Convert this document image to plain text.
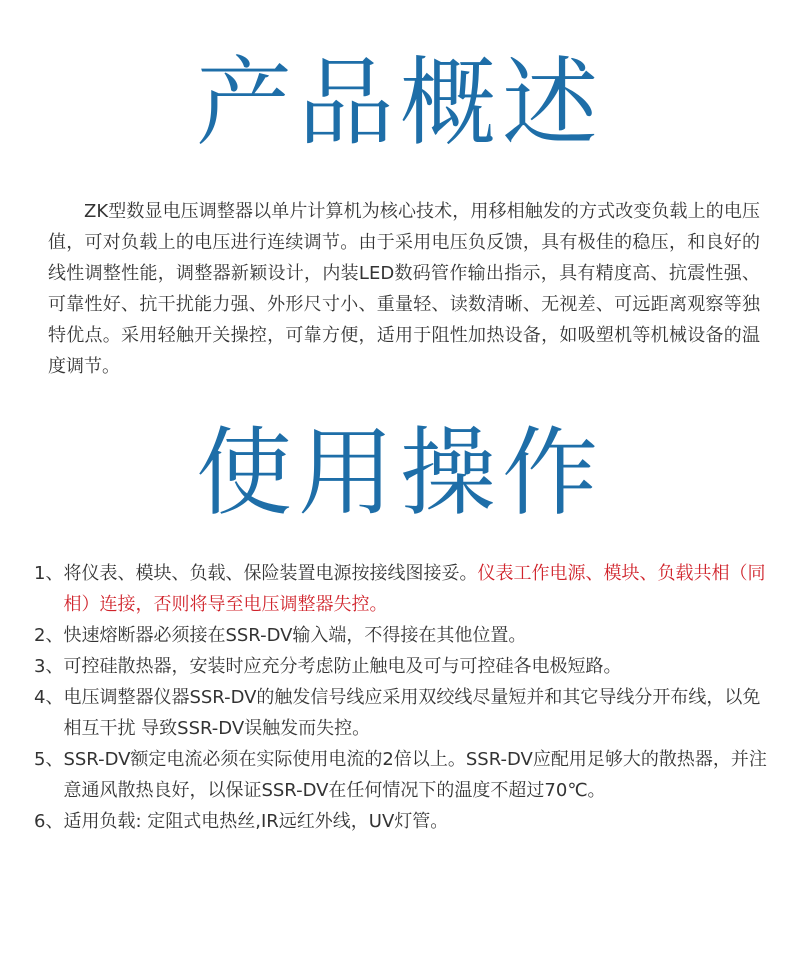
产品概述

ZK型数显电压调整器以单片计算机为核心技术，用移相触发的方式改变负载上的电压值，可对负载上的电压进行连续调节。由于采用电压负反馈，具有极佳的稳压，和良好的线性调整性能，调整器新颖设计，内装LED数码管作输出指示，具有精度高、抗震性强、可靠性好、抗干扰能力强、外形尺寸小、重量轻、读数清晰、无视差、可远距离观察等独特优点。采用轻触开关操控，可靠方便，适用于阻性加热设备，如吸塑机等机械设备的温度调节。

使用操作
1、 将仪表、模块、负载、保险装置电源按接线图接妥。仪表工作电源、模块、负载共相（同相）连接，否则将导至电压调整器失控。
2、 快速熔断器必须接在SSR-DV输入端，不得接在其他位置。
3、 可控硅散热器，安装时应充分考虑防止触电及可与可控硅各电极短路。
4、 电压调整器仪器SSR-DV的触发信号线应采用双绞线尽量短并和其它导线分开布线，以免相互干扰 导致SSR-DV误触发而失控。
5、 SSR-DV额定电流必须在实际使用电流的2倍以上。SSR-DV应配用足够大的散热器，并注意通风散热良好，以保证SSR-DV在任何情况下的温度不超过70℃。
6、 适用负载: 定阻式电热丝,IR远红外线，UV灯管。
